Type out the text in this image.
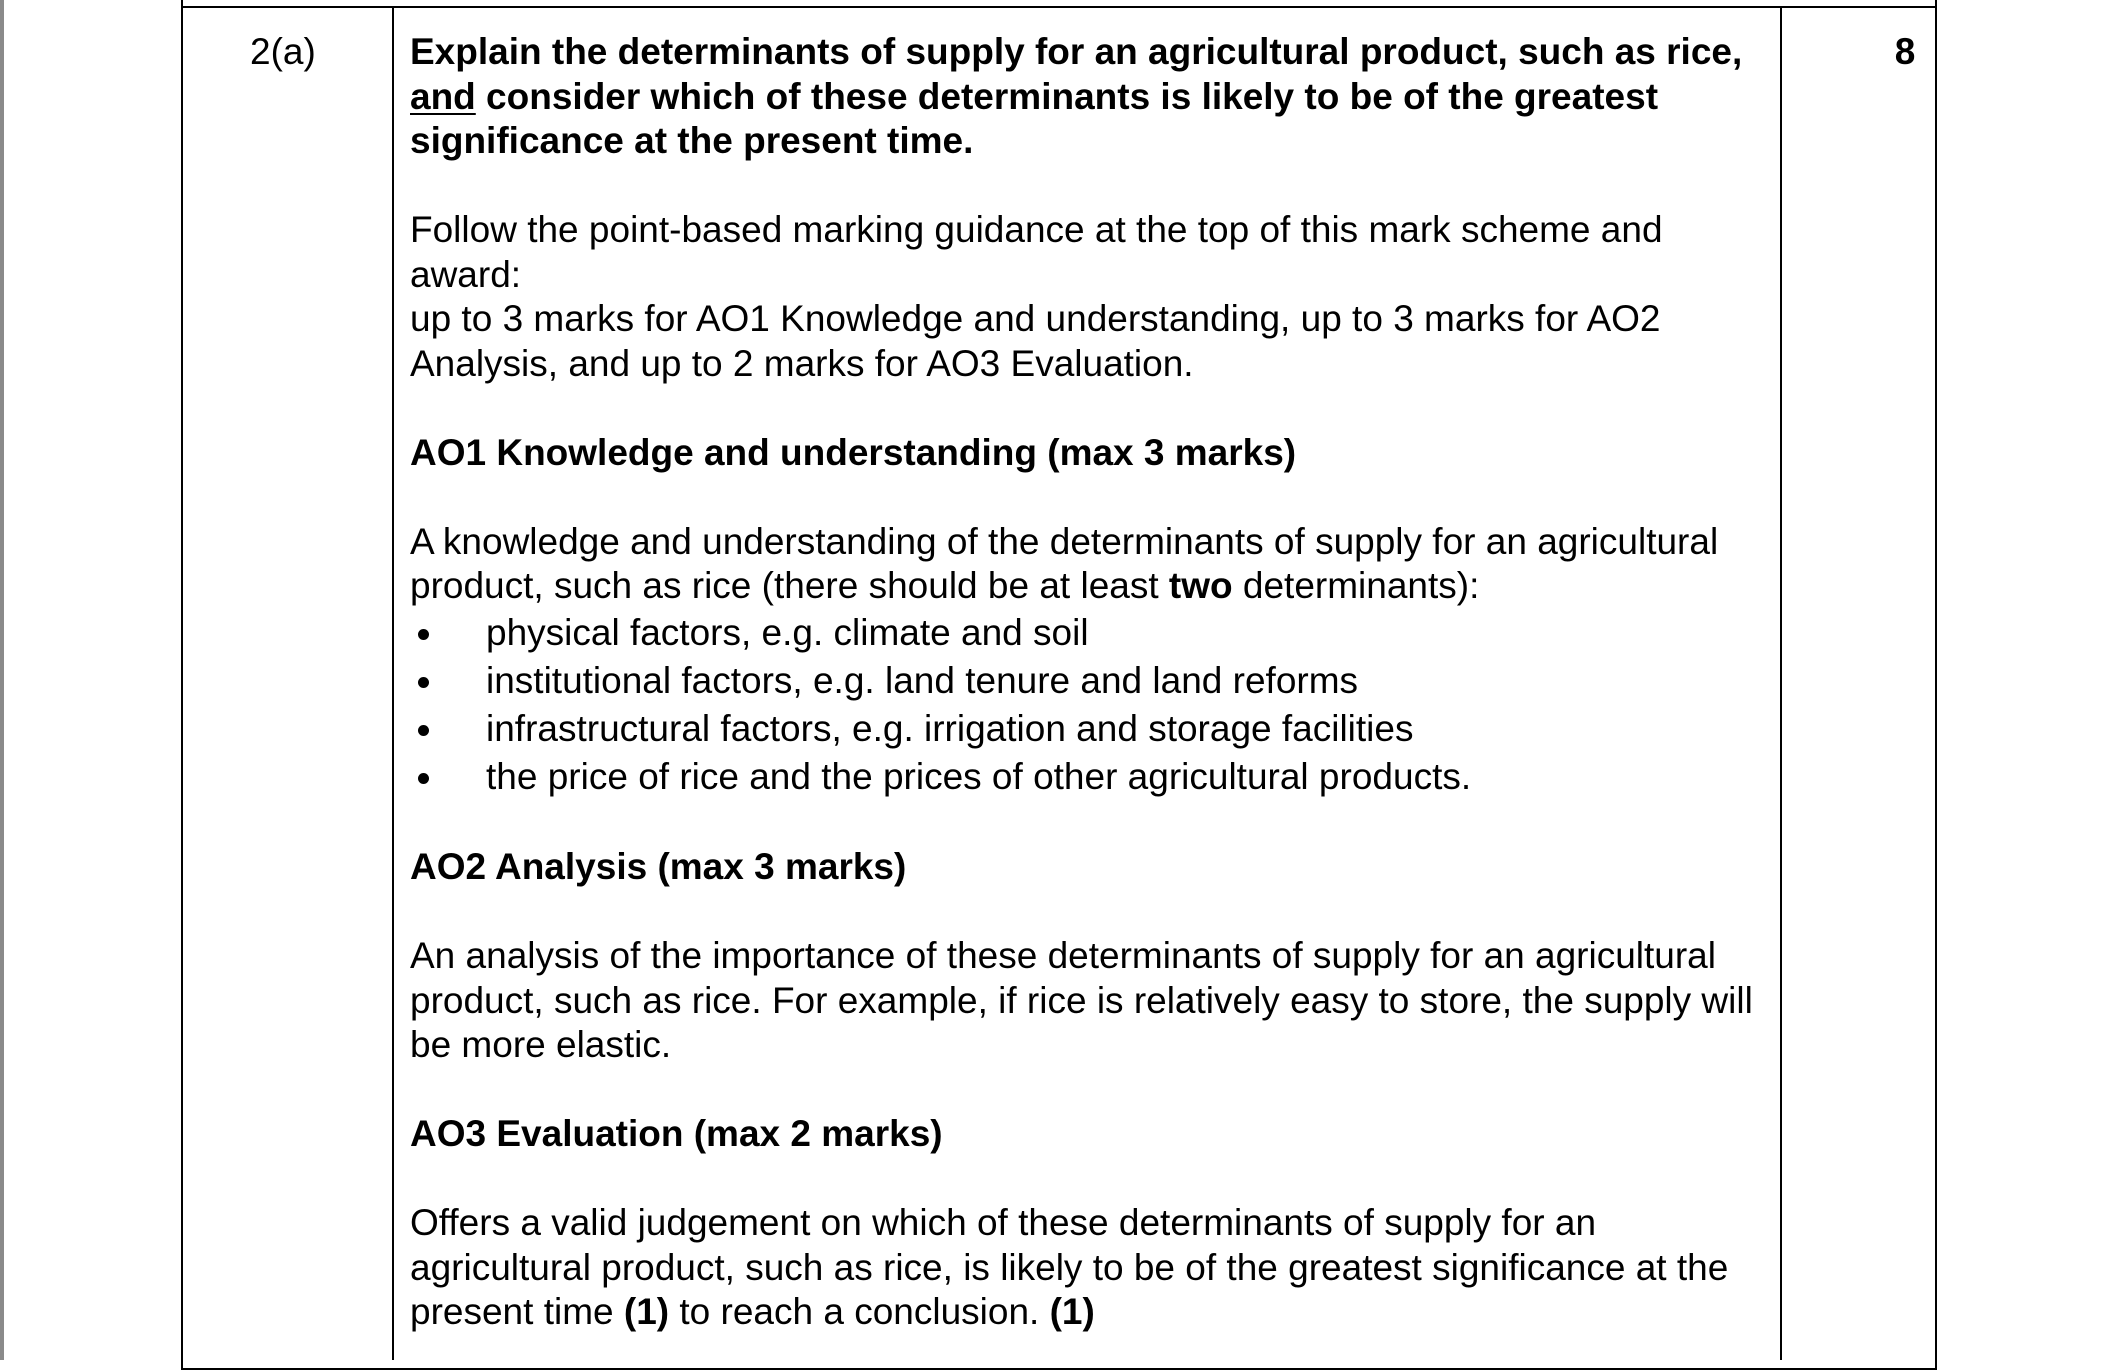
2(a)	8

Explain the determinants of supply for an agricultural product, such as rice, and consider which of these determinants is likely to be of the greatest significance at the present time.

Follow the point-based marking guidance at the top of this mark scheme and award:

up to 3 marks for AO1 Knowledge and understanding, up to 3 marks for AO2 Analysis, and up to 2 marks for AO3 Evaluation.

AO1 Knowledge and understanding (max 3 marks)

A knowledge and understanding of the determinants of supply for an agricultural product, such as rice (there should be at least two determinants):

physical factors, e.g. climate and soil
institutional factors, e.g. land tenure and land reforms
infrastructural factors, e.g. irrigation and storage facilities
the price of rice and the prices of other agricultural products.

AO2 Analysis (max 3 marks)

An analysis of the importance of these determinants of supply for an agricultural product, such as rice. For example, if rice is relatively easy to store, the supply will be more elastic.

AO3 Evaluation (max 2 marks)

Offers a valid judgement on which of these determinants of supply for an agricultural product, such as rice, is likely to be of the greatest significance at the present time (1) to reach a conclusion. (1)
